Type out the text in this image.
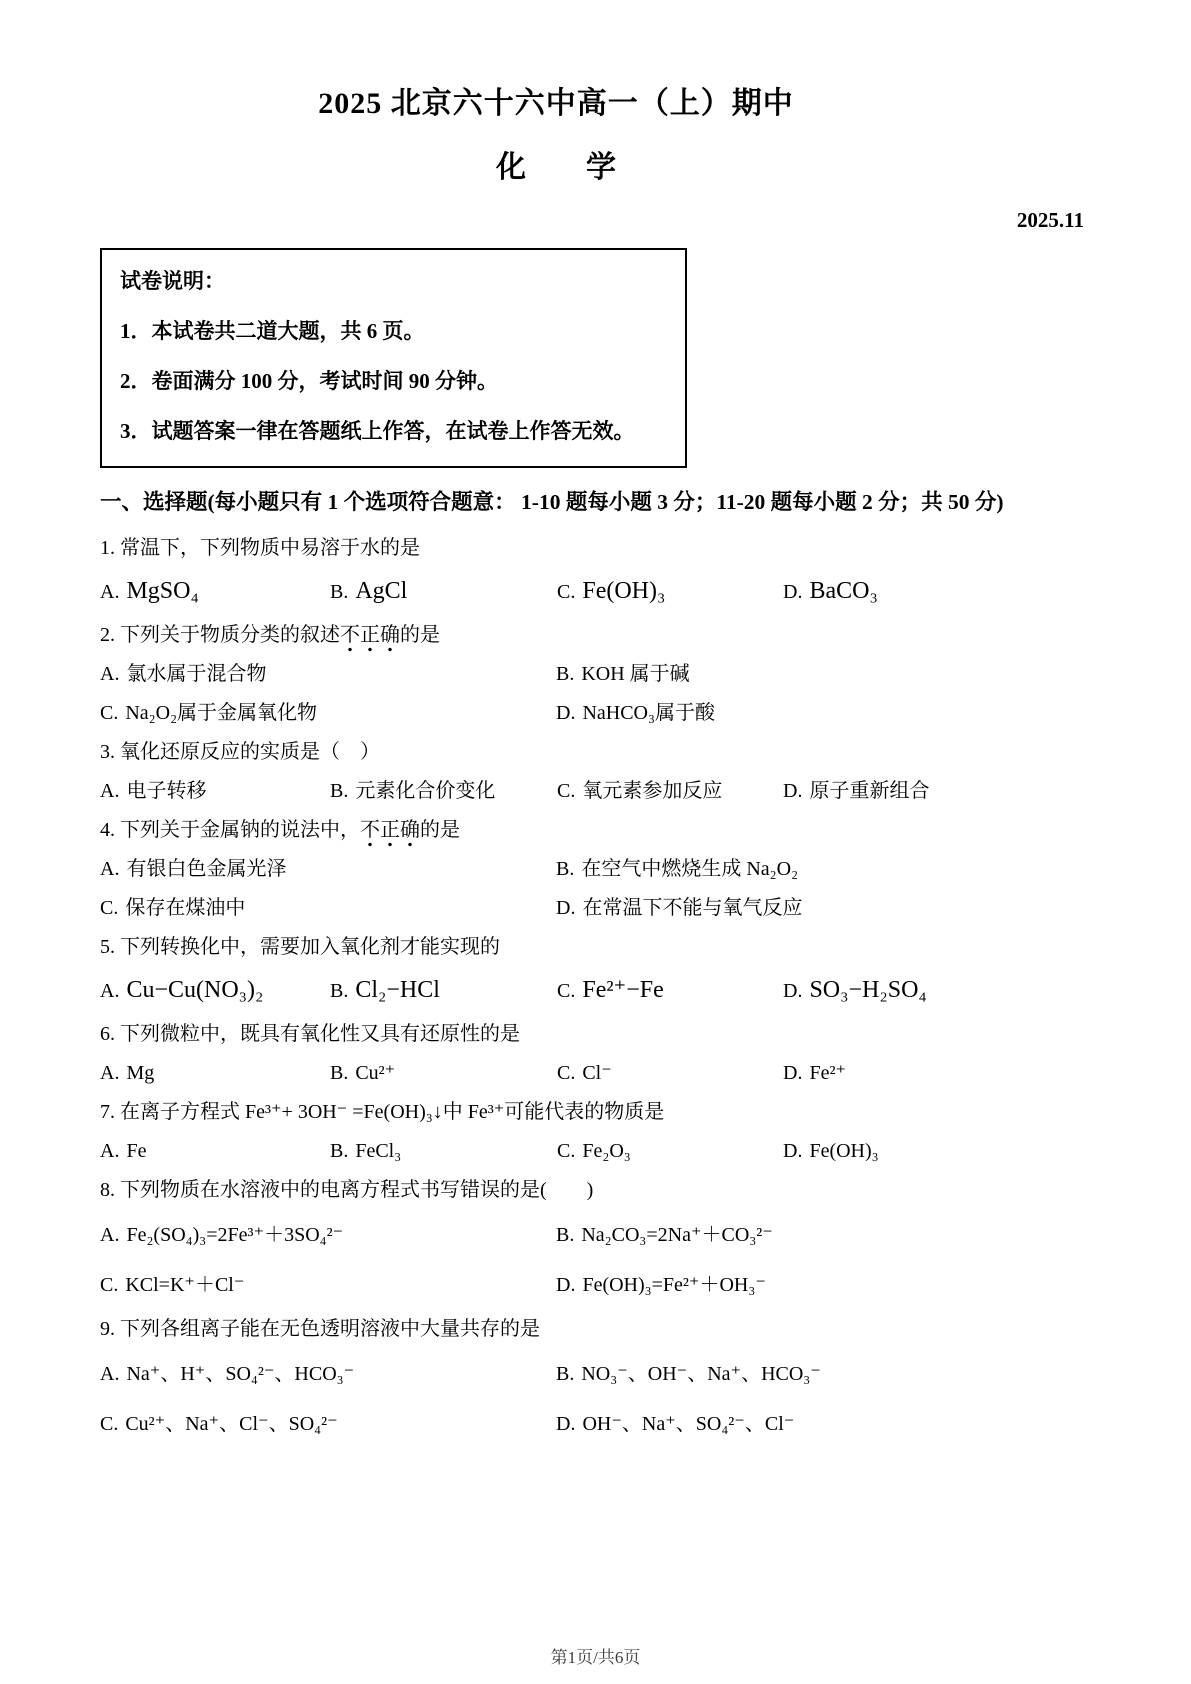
2025 北京六十六中高一（上）期中
化　　学
2025.11
试卷说明：
1．本试卷共二道大题，共 6 页。
2．卷面满分 100 分，考试时间 90 分钟。
3．试题答案一律在答题纸上作答，在试卷上作答无效。
一、选择题(每小题只有 1 个选项符合题意： 1-10 题每小题 3 分；11-20 题每小题 2 分；共 50 分)
1. 常温下，下列物质中易溶于水的是
A. MgSO₄	B. AgCl	C. Fe(OH)₃	D. BaCO₃
2. 下列关于物质分类的叙述不正确的是
A. 氯水属于混合物	B. KOH 属于碱
C. Na₂O₂属于金属氧化物	D. NaHCO₃属于酸
3. 氧化还原反应的实质是（　）
A. 电子转移	B. 元素化合价变化	C. 氧元素参加反应	D. 原子重新组合
4. 下列关于金属钠的说法中，不正确的是
A. 有银白色金属光泽	B. 在空气中燃烧生成 Na₂O₂
C. 保存在煤油中	D. 在常温下不能与氧气反应
5. 下列转换化中，需要加入氧化剂才能实现的
A. Cu−Cu(NO₃)₂	B. Cl₂−HCl	C. Fe²⁺−Fe	D. SO₃−H₂SO₄
6. 下列微粒中，既具有氧化性又具有还原性的是
A. Mg	B. Cu²⁺	C. Cl⁻	D. Fe²⁺
7. 在离子方程式 Fe³⁺+ 3OH⁻ =Fe(OH)₃↓中 Fe³⁺可能代表的物质是
A. Fe	B. FeCl₃	C. Fe₂O₃	D. Fe(OH)₃
8. 下列物质在水溶液中的电离方程式书写错误的是(　　)
A. Fe₂(SO₄)₃=2Fe³⁺＋3SO₄²⁻	B. Na₂CO₃=2Na⁺＋CO₃²⁻
C. KCl=K⁺＋Cl⁻	D. Fe(OH)₃=Fe²⁺＋OH₃⁻
9. 下列各组离子能在无色透明溶液中大量共存的是
A. Na⁺、H⁺、SO₄²⁻、HCO₃⁻	B. NO₃⁻、OH⁻、Na⁺、HCO₃⁻
C. Cu²⁺、Na⁺、Cl⁻、SO₄²⁻	D. OH⁻、Na⁺、SO₄²⁻、Cl⁻
第1页/共6页
